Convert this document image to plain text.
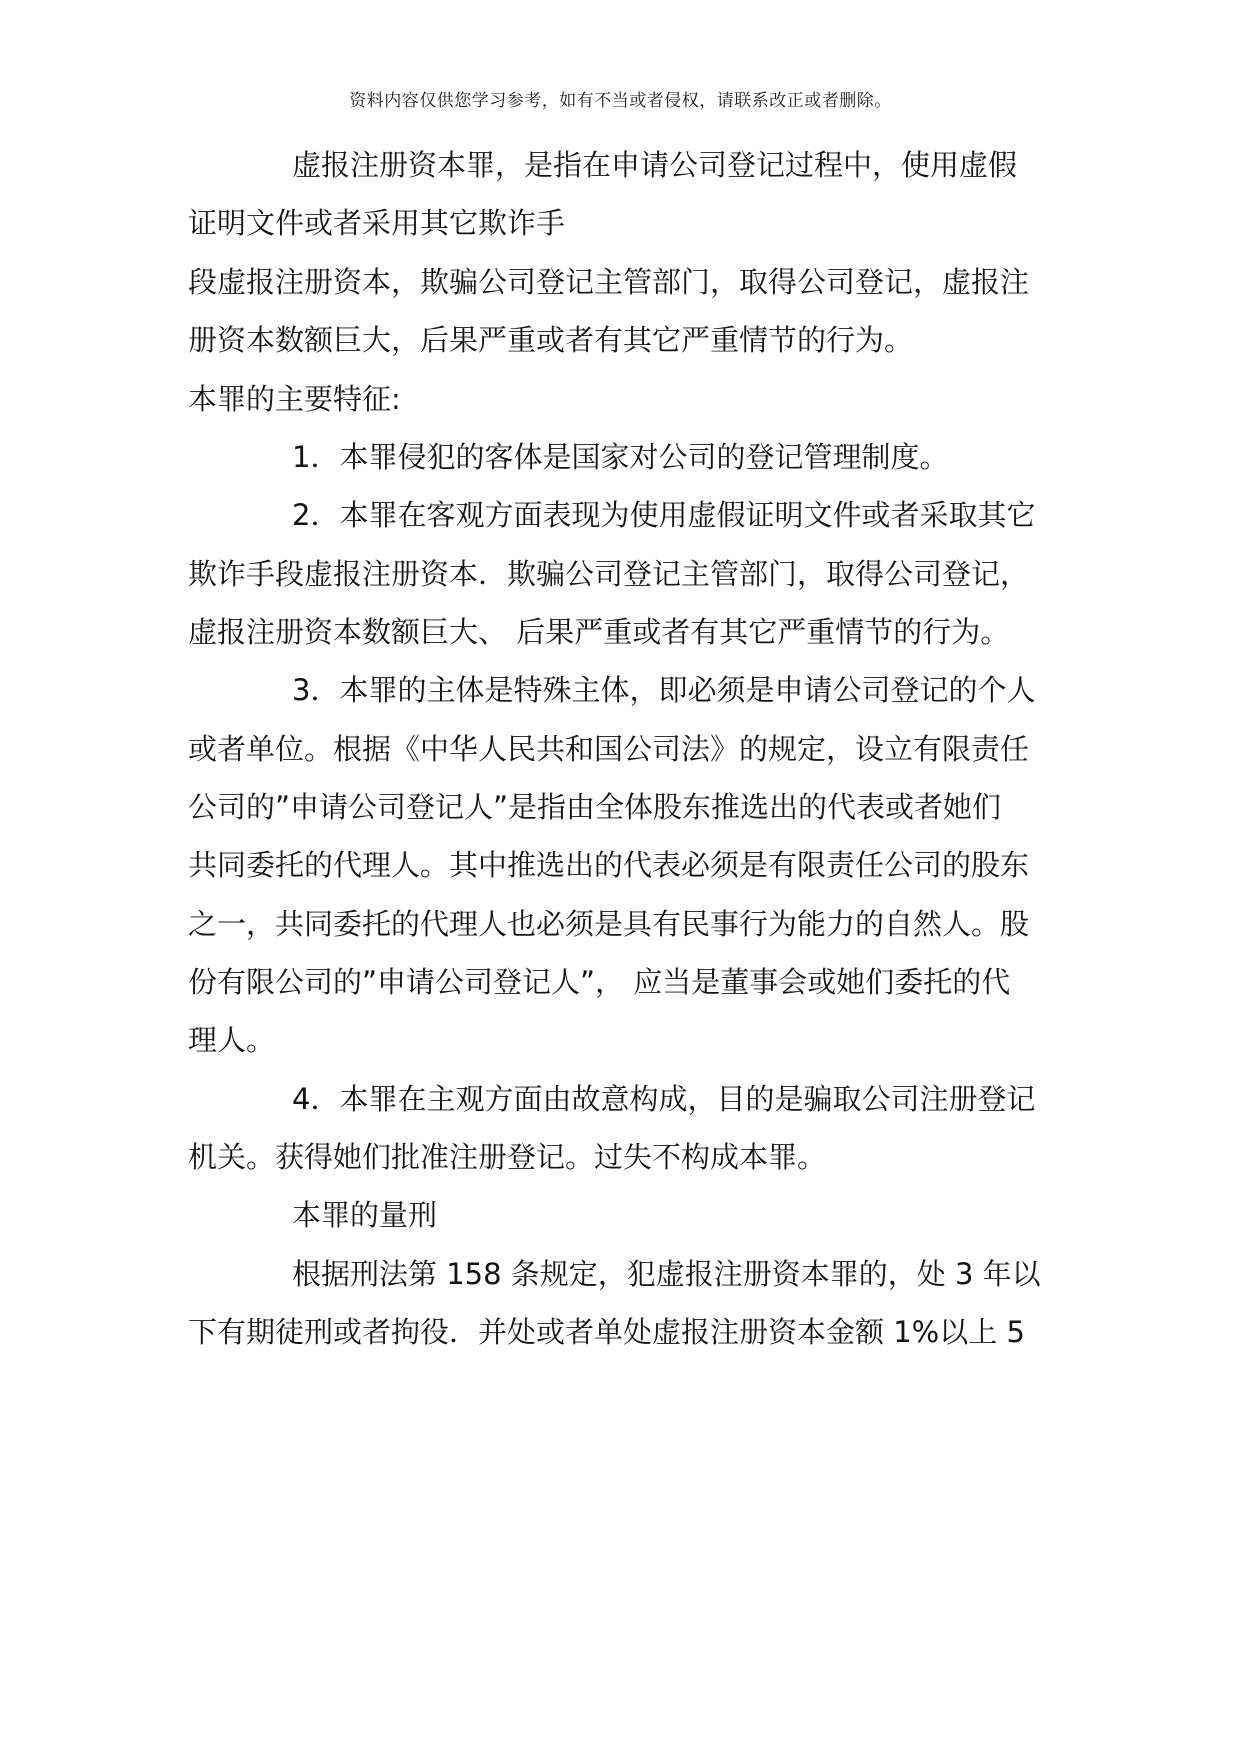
资料内容仅供您学习参考，如有不当或者侵权，请联系改正或者删除。
虚报注册资本罪，是指在申请公司登记过程中，使用虚假
证明文件或者采用其它欺诈手
段虚报注册资本，欺骗公司登记主管部门，取得公司登记，虚报注
册资本数额巨大，后果严重或者有其它严重情节的行为。
本罪的主要特征:
1．本罪侵犯的客体是国家对公司的登记管理制度。
2．本罪在客观方面表现为使用虚假证明文件或者采取其它
欺诈手段虚报注册资本．欺骗公司登记主管部门，取得公司登记，
虚报注册资本数额巨大、 后果严重或者有其它严重情节的行为。
3．本罪的主体是特殊主体，即必须是申请公司登记的个人
或者单位。根据《中华人民共和国公司法》的规定，设立有限责任
公司的”申请公司登记人”是指由全体股东推选出的代表或者她们
共同委托的代理人。其中推选出的代表必须是有限责任公司的股东
之一，共同委托的代理人也必须是具有民事行为能力的自然人。股
份有限公司的”申请公司登记人”， 应当是董事会或她们委托的代
理人。
4．本罪在主观方面由故意构成，目的是骗取公司注册登记
机关。获得她们批准注册登记。过失不构成本罪。
本罪的量刑
根据刑法第 158 条规定，犯虚报注册资本罪的，处 3 年以
下有期徒刑或者拘役．并处或者单处虚报注册资本金额 1%以上 5
